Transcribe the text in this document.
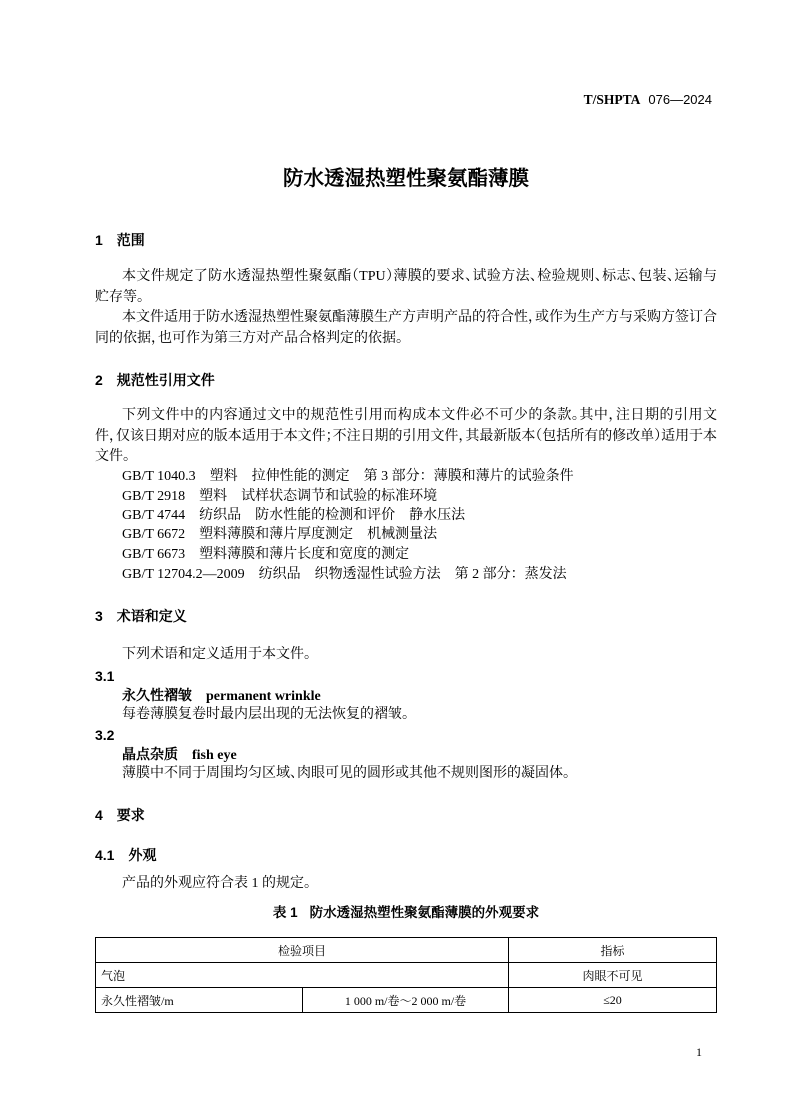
T/SHPTA 076—2024
防水透湿热塑性聚氨酯薄膜
1 范围
本文件规定了防水透湿热塑性聚氨酯（TPU）薄膜的要求、试验方法、检验规则、标志、包装、运输与
贮存等。
本文件适用于防水透湿热塑性聚氨酯薄膜生产方声明产品的符合性，或作为生产方与采购方签订合
同的依据，也可作为第三方对产品合格判定的依据。
2 规范性引用文件
下列文件中的内容通过文中的规范性引用而构成本文件必不可少的条款。其中，注日期的引用文
件，仅该日期对应的版本适用于本文件；不注日期的引用文件，其最新版本（包括所有的修改单）适用于本
文件。
GB/T 1040.3　塑料　拉伸性能的测定　第 3 部分：薄膜和薄片的试验条件
GB/T 2918　塑料　试样状态调节和试验的标准环境
GB/T 4744　纺织品　防水性能的检测和评价　静水压法
GB/T 6672　塑料薄膜和薄片厚度测定　机械测量法
GB/T 6673　塑料薄膜和薄片长度和宽度的测定
GB/T 12704.2—2009　纺织品　织物透湿性试验方法　第 2 部分：蒸发法
3 术语和定义
下列术语和定义适用于本文件。
3.1
永久性褶皱 permanent wrinkle
每卷薄膜复卷时最内层出现的无法恢复的褶皱。
3.2
晶点杂质 fish eye
薄膜中不同于周围均匀区域、肉眼可见的圆形或其他不规则图形的凝固体。
4 要求
4.1 外观
产品的外观应符合表 1 的规定。
表 1 防水透湿热塑性聚氨酯薄膜的外观要求
检验项目	指标
气泡	肉眼不可见
永久性褶皱/m	1 000 m/卷～2 000 m/卷	≤20
1
